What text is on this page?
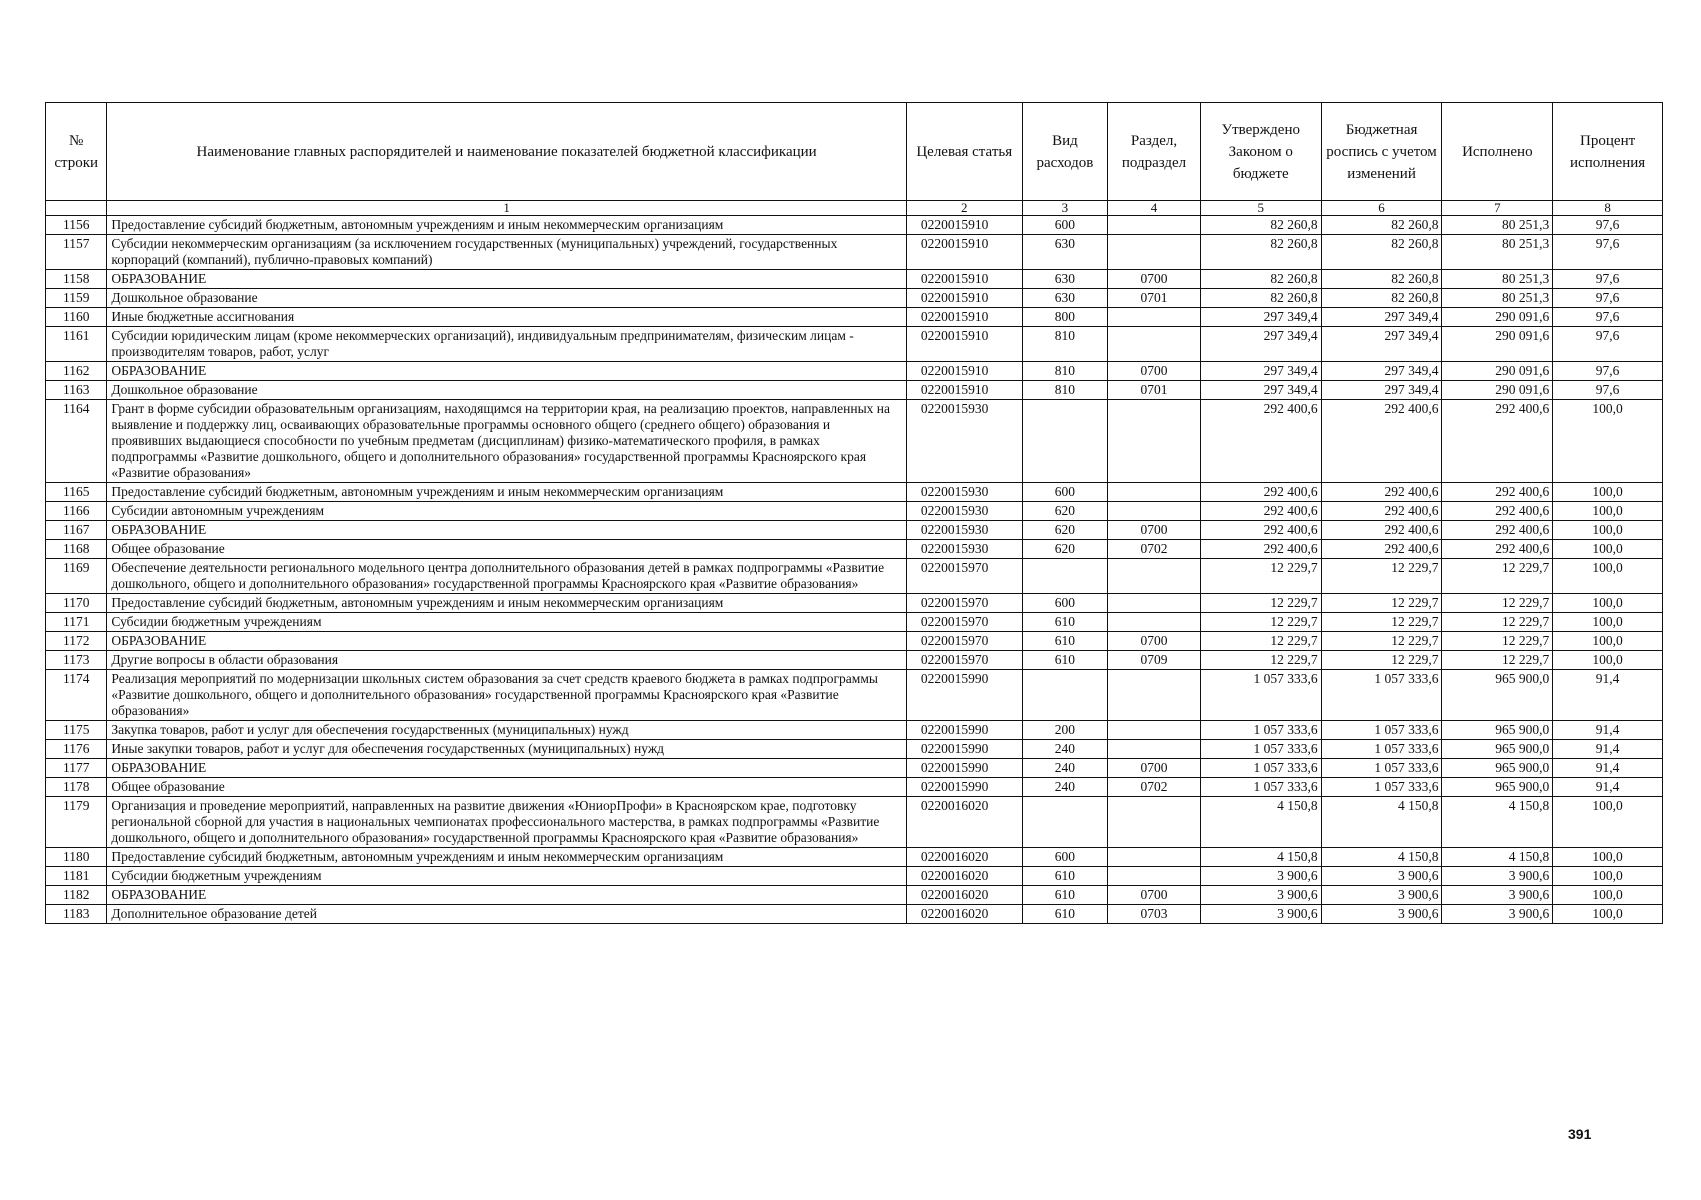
№ строки	Наименование главных распорядителей и наименование показателей бюджетной классификации	Целевая статья	Вид расходов	Раздел, подраздел	Утверждено Законом о бюджете	Бюджетная роспись с учетом изменений	Исполнено	Процент исполнения
	1	2	3	4	5	6	7	8
1156	Предоставление субсидий бюджетным, автономным учреждениям и иным некоммерческим организациям	0220015910	600		82 260,8	82 260,8	80 251,3	97,6
1157	Субсидии некоммерческим организациям (за исключением государственных (муниципальных) учреждений, государственных корпораций (компаний), публично-правовых компаний)	0220015910	630		82 260,8	82 260,8	80 251,3	97,6
1158	ОБРАЗОВАНИЕ	0220015910	630	0700	82 260,8	82 260,8	80 251,3	97,6
1159	Дошкольное образование	0220015910	630	0701	82 260,8	82 260,8	80 251,3	97,6
1160	Иные бюджетные ассигнования	0220015910	800		297 349,4	297 349,4	290 091,6	97,6
1161	Субсидии юридическим лицам (кроме некоммерческих организаций), индивидуальным предпринимателям, физическим лицам - производителям товаров, работ, услуг	0220015910	810		297 349,4	297 349,4	290 091,6	97,6
1162	ОБРАЗОВАНИЕ	0220015910	810	0700	297 349,4	297 349,4	290 091,6	97,6
1163	Дошкольное образование	0220015910	810	0701	297 349,4	297 349,4	290 091,6	97,6
1164	Грант в форме субсидии образовательным организациям, находящимся на территории края, на реализацию проектов, направленных на выявление и поддержку лиц, осваивающих образовательные программы основного общего (среднего общего) образования и проявивших выдающиеся способности по учебным предметам (дисциплинам) физико-математического профиля, в рамках подпрограммы «Развитие дошкольного, общего и дополнительного образования» государственной программы Красноярского края «Развитие образования»	0220015930			292 400,6	292 400,6	292 400,6	100,0
1165	Предоставление субсидий бюджетным, автономным учреждениям и иным некоммерческим организациям	0220015930	600		292 400,6	292 400,6	292 400,6	100,0
1166	Субсидии автономным учреждениям	0220015930	620		292 400,6	292 400,6	292 400,6	100,0
1167	ОБРАЗОВАНИЕ	0220015930	620	0700	292 400,6	292 400,6	292 400,6	100,0
1168	Общее образование	0220015930	620	0702	292 400,6	292 400,6	292 400,6	100,0
1169	Обеспечение деятельности регионального модельного центра дополнительного образования детей в рамках подпрограммы «Развитие дошкольного, общего и дополнительного образования» государственной программы Красноярского края «Развитие образования»	0220015970			12 229,7	12 229,7	12 229,7	100,0
1170	Предоставление субсидий бюджетным, автономным учреждениям и иным некоммерческим организациям	0220015970	600		12 229,7	12 229,7	12 229,7	100,0
1171	Субсидии бюджетным учреждениям	0220015970	610		12 229,7	12 229,7	12 229,7	100,0
1172	ОБРАЗОВАНИЕ	0220015970	610	0700	12 229,7	12 229,7	12 229,7	100,0
1173	Другие вопросы в области образования	0220015970	610	0709	12 229,7	12 229,7	12 229,7	100,0
1174	Реализация мероприятий по модернизации школьных систем образования за счет средств краевого бюджета в рамках подпрограммы «Развитие дошкольного, общего и дополнительного образования» государственной программы Красноярского края «Развитие образования»	0220015990			1 057 333,6	1 057 333,6	965 900,0	91,4
1175	Закупка товаров, работ и услуг для обеспечения государственных (муниципальных) нужд	0220015990	200		1 057 333,6	1 057 333,6	965 900,0	91,4
1176	Иные закупки товаров, работ и услуг для обеспечения государственных (муниципальных) нужд	0220015990	240		1 057 333,6	1 057 333,6	965 900,0	91,4
1177	ОБРАЗОВАНИЕ	0220015990	240	0700	1 057 333,6	1 057 333,6	965 900,0	91,4
1178	Общее образование	0220015990	240	0702	1 057 333,6	1 057 333,6	965 900,0	91,4
1179	Организация и проведение мероприятий, направленных на развитие движения «ЮниорПрофи» в Красноярском крае, подготовку региональной сборной для участия в национальных чемпионатах профессионального мастерства, в рамках подпрограммы «Развитие дошкольного, общего и дополнительного образования» государственной программы Красноярского края «Развитие образования»	0220016020			4 150,8	4 150,8	4 150,8	100,0
1180	Предоставление субсидий бюджетным, автономным учреждениям и иным некоммерческим организациям	0220016020	600		4 150,8	4 150,8	4 150,8	100,0
1181	Субсидии бюджетным учреждениям	0220016020	610		3 900,6	3 900,6	3 900,6	100,0
1182	ОБРАЗОВАНИЕ	0220016020	610	0700	3 900,6	3 900,6	3 900,6	100,0
1183	Дополнительное образование детей	0220016020	610	0703	3 900,6	3 900,6	3 900,6	100,0
391
